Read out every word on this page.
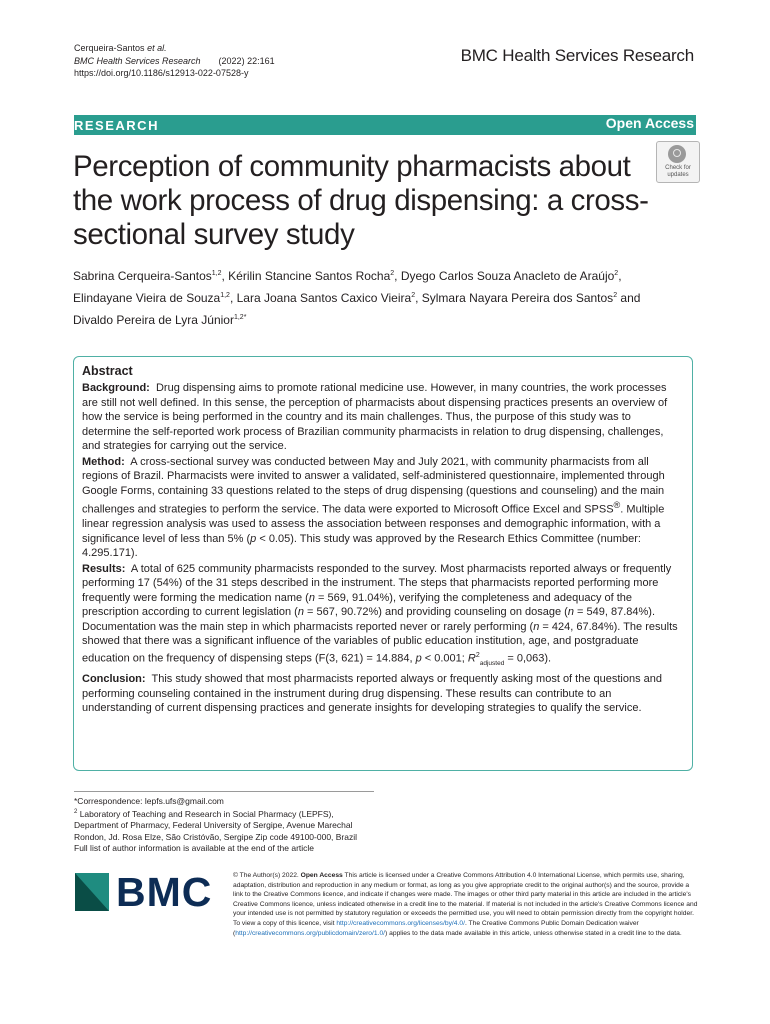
Cerqueira-Santos et al.
BMC Health Services Research (2022) 22:161
https://doi.org/10.1186/s12913-022-07528-y
BMC Health Services Research
RESEARCH	Open Access
Perception of community pharmacists about the work process of drug dispensing: a cross-sectional survey study
Check for
updates
Sabrina Cerqueira-Santos$^{1,2}$, Kérilin Stancine Santos Rocha$^2$, Dyego Carlos Souza Anacleto de Araújo$^2$,
Elindayane Vieira de Souza$^{1,2}$, Lara Joana Santos Caxico Vieira$^2$, Sylmara Nayara Pereira dos Santos$^2$ and
Divaldo Pereira de Lyra Júnior$^{1,2*}$
Abstract

Background: Drug dispensing aims to promote rational medicine use. However, in many countries, the work processes are still not well defined. In this sense, the perception of pharmacists about dispensing practices presents an overview of how the service is being performed in the country and its main challenges. Thus, the purpose of this study was to determine the self-reported work process of Brazilian community pharmacists in relation to drug dispensing, challenges, and strategies for carrying out the service.

Method: A cross-sectional survey was conducted between May and July 2021, with community pharmacists from all regions of Brazil. Pharmacists were invited to answer a validated, self-administered questionnaire, implemented through Google Forms, containing 33 questions related to the steps of drug dispensing (questions and counseling) and the main challenges and strategies to perform the service. The data were exported to Microsoft Office Excel and SPSS®. Multiple linear regression analysis was used to assess the association between responses and demographic information, with a significance level of less than 5% (p < 0.05). This study was approved by the Research Ethics Committee (number: 4.295.171).

Results: A total of 625 community pharmacists responded to the survey. Most pharmacists reported always or frequently performing 17 (54%) of the 31 steps described in the instrument. The steps that pharmacists reported performing more frequently were forming the medication name (n = 569, 91.04%), verifying the completeness and adequacy of the prescription according to current legislation (n = 567, 90.72%) and providing counseling on dosage (n = 549, 87.84%). Documentation was the main step in which pharmacists reported never or rarely performing (n = 424, 67.84%). The results showed that there was a significant influence of the variables of public education institution, age, and postgraduate education on the frequency of dispensing steps (F(3, 621) = 14.884, p < 0.001; $R^2_{adjusted} = 0,063$).

Conclusion: This study showed that most pharmacists reported always or frequently asking most of the questions and performing counseling contained in the instrument during drug dispensing. These results can contribute to an understanding of current dispensing practices and generate insights for developing strategies to qualify the service.

*Correspondence: lepfs.ufs@gmail.com
$^2$ Laboratory of Teaching and Research in Social Pharmacy (LEPFS),
Department of Pharmacy, Federal University of Sergipe, Avenue Marechal
Rondon, Jd. Rosa Elze, São Cristóvão, Sergipe Zip code 49100-000, Brazil
Full list of author information is available at the end of the article
BMC	© The Author(s) 2022. Open Access This article is licensed under a Creative Commons Attribution 4.0 International License, which permits use, sharing, adaptation, distribution and reproduction in any medium or format, as long as you give appropriate credit to the original author(s) and the source, provide a link to the Creative Commons licence, and indicate if changes were made. The images or other third party material in this article are included in the article's Creative Commons licence, unless indicated otherwise in a credit line to the material. If material is not included in the article's Creative Commons licence and your intended use is not permitted by statutory regulation or exceeds the permitted use, you will need to obtain permission directly from the copyright holder. To view a copy of this licence, visit http://creativecommons.org/licenses/by/4.0/. The Creative Commons Public Domain Dedication waiver (http://creativecommons.org/publicdomain/zero/1.0/) applies to the data made available in this article, unless otherwise stated in a credit line to the data.
